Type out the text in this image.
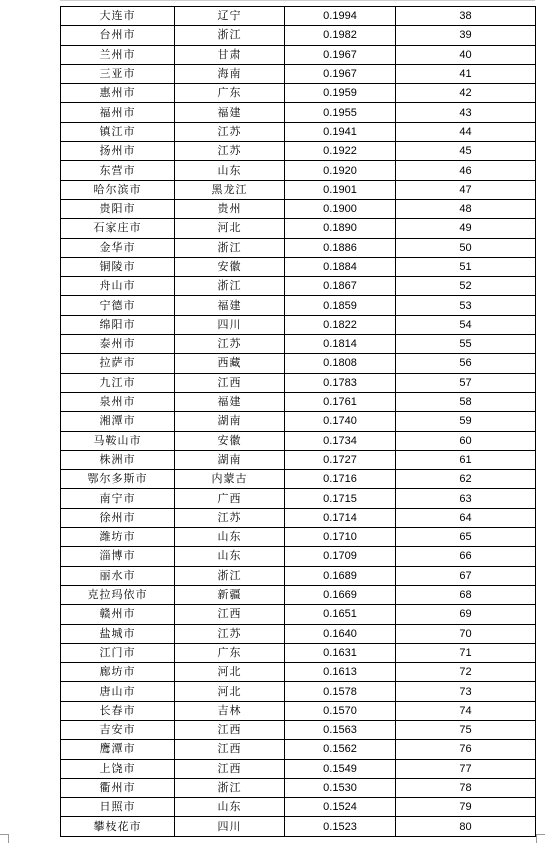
大连市	辽宁	0.1994	38
台州市	浙江	0.1982	39
兰州市	甘肃	0.1967	40
三亚市	海南	0.1967	41
惠州市	广东	0.1959	42
福州市	福建	0.1955	43
镇江市	江苏	0.1941	44
扬州市	江苏	0.1922	45
东营市	山东	0.1920	46
哈尔滨市	黑龙江	0.1901	47
贵阳市	贵州	0.1900	48
石家庄市	河北	0.1890	49
金华市	浙江	0.1886	50
铜陵市	安徽	0.1884	51
舟山市	浙江	0.1867	52
宁德市	福建	0.1859	53
绵阳市	四川	0.1822	54
泰州市	江苏	0.1814	55
拉萨市	西藏	0.1808	56
九江市	江西	0.1783	57
泉州市	福建	0.1761	58
湘潭市	湖南	0.1740	59
马鞍山市	安徽	0.1734	60
株洲市	湖南	0.1727	61
鄂尔多斯市	内蒙古	0.1716	62
南宁市	广西	0.1715	63
徐州市	江苏	0.1714	64
潍坊市	山东	0.1710	65
淄博市	山东	0.1709	66
丽水市	浙江	0.1689	67
克拉玛依市	新疆	0.1669	68
赣州市	江西	0.1651	69
盐城市	江苏	0.1640	70
江门市	广东	0.1631	71
廊坊市	河北	0.1613	72
唐山市	河北	0.1578	73
长春市	吉林	0.1570	74
吉安市	江西	0.1563	75
鹰潭市	江西	0.1562	76
上饶市	江西	0.1549	77
衢州市	浙江	0.1530	78
日照市	山东	0.1524	79
攀枝花市	四川	0.1523	80
